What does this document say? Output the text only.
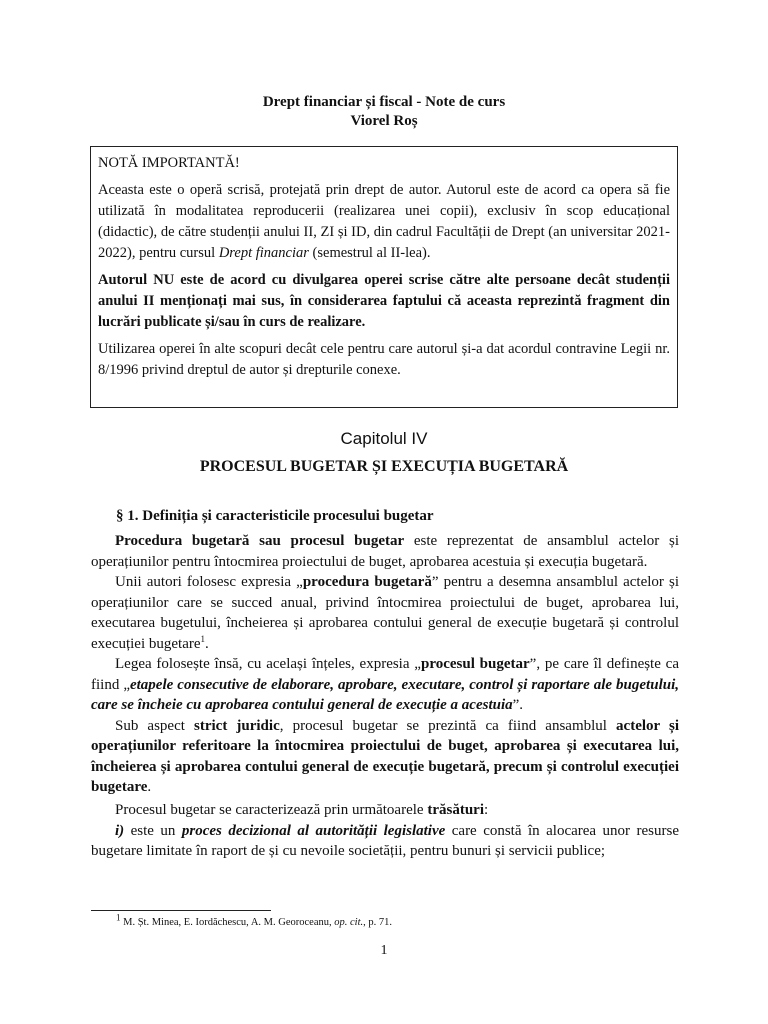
Drept financiar și fiscal - Note de curs
Viorel Roș

NOTĂ IMPORTANTĂ!

Aceasta este o operă scrisă, protejată prin drept de autor. Autorul este de acord ca opera să fie utilizată în modalitatea reproducerii (realizarea unei copii), exclusiv în scop educațional (didactic), de către studenții anului II, ZI și ID, din cadrul Facultății de Drept (an universitar 2021-2022), pentru cursul Drept financiar (semestrul al II-lea).

Autorul NU este de acord cu divulgarea operei scrise către alte persoane decât studenții anului II menționați mai sus, în considerarea faptului că aceasta reprezintă fragment din lucrări publicate și/sau în curs de realizare.

Utilizarea operei în alte scopuri decât cele pentru care autorul și-a dat acordul contravine Legii nr. 8/1996 privind dreptul de autor și drepturile conexe.

Capitolul IV
PROCESUL BUGETAR ȘI EXECUȚIA BUGETARĂ
§ 1. Definiția și caracteristicile procesului bugetar

Procedura bugetară sau procesul bugetar este reprezentat de ansamblul actelor și operațiunilor pentru întocmirea proiectului de buget, aprobarea acestuia și execuția bugetară.

Unii autori folosesc expresia „procedura bugetară” pentru a desemna ansamblul actelor și operațiunilor care se succed anual, privind întocmirea proiectului de buget, aprobarea lui, executarea bugetului, încheierea și aprobarea contului general de execuție bugetară și controlul execuției bugetare$^1$.

Legea folosește însă, cu același înțeles, expresia „procesul bugetar”, pe care îl definește ca fiind „etapele consecutive de elaborare, aprobare, executare, control și raportare ale bugetului, care se încheie cu aprobarea contului general de execuție a acestuia”.

Sub aspect strict juridic, procesul bugetar se prezintă ca fiind ansamblul actelor și operațiunilor referitoare la întocmirea proiectului de buget, aprobarea și executarea lui, încheierea și aprobarea contului general de execuție bugetară, precum și controlul execuției bugetare.

Procesul bugetar se caracterizează prin următoarele trăsături:

i) este un proces decizional al autorității legislative care constă în alocarea unor resurse bugetare limitate în raport de și cu nevoile societății, pentru bunuri și servicii publice;

$^1$ M. Șt. Minea, E. Iordăchescu, A. M. Georoceanu, op. cit., p. 71.
1
